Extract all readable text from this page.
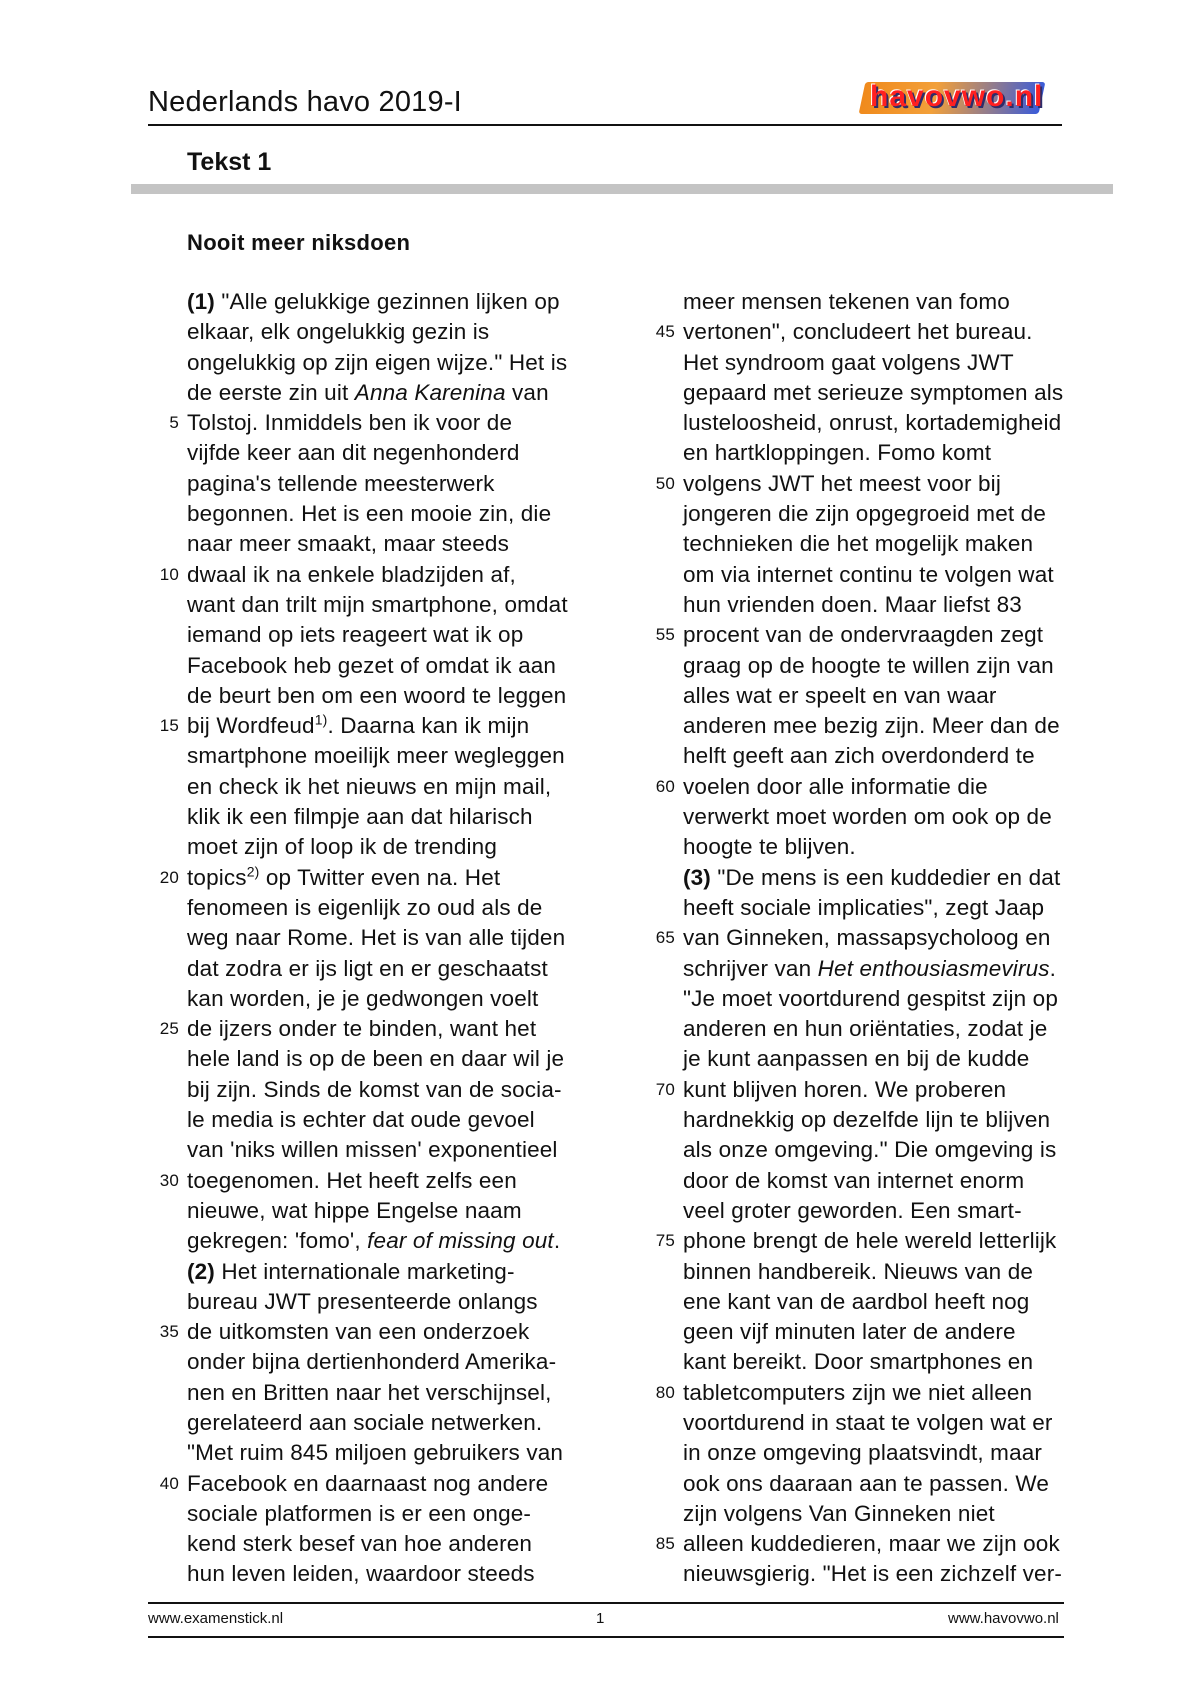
Nederlands havo 2019-I	havovwo.nl
Tekst 1
Nooit meer niksdoen
(1) "Alle gelukkige gezinnen lijken op
elkaar, elk ongelukkig gezin is
ongelukkig op zijn eigen wijze." Het is
de eerste zin uit Anna Karenina van
5 Tolstoj. Inmiddels ben ik voor de
vijfde keer aan dit negenhonderd
pagina's tellende meesterwerk
begonnen. Het is een mooie zin, die
naar meer smaakt, maar steeds
10 dwaal ik na enkele bladzijden af,
want dan trilt mijn smartphone, omdat
iemand op iets reageert wat ik op
Facebook heb gezet of omdat ik aan
de beurt ben om een woord te leggen
15 bij Wordfeud$^{1)}$. Daarna kan ik mijn
smartphone moeilijk meer wegleggen
en check ik het nieuws en mijn mail,
klik ik een filmpje aan dat hilarisch
moet zijn of loop ik de trending
20 topics$^{2)}$ op Twitter even na. Het
fenomeen is eigenlijk zo oud als de
weg naar Rome. Het is van alle tijden
dat zodra er ijs ligt en er geschaatst
kan worden, je je gedwongen voelt
25 de ijzers onder te binden, want het
hele land is op de been en daar wil je
bij zijn. Sinds de komst van de socia-
le media is echter dat oude gevoel
van 'niks willen missen' exponentieel
30 toegenomen. Het heeft zelfs een
nieuwe, wat hippe Engelse naam
gekregen: 'fomo', fear of missing out.
(2) Het internationale marketing-
bureau JWT presenteerde onlangs
35 de uitkomsten van een onderzoek
onder bijna dertienhonderd Amerika-
nen en Britten naar het verschijnsel,
gerelateerd aan sociale netwerken.
"Met ruim 845 miljoen gebruikers van
40 Facebook en daarnaast nog andere
sociale platformen is er een onge-
kend sterk besef van hoe anderen
hun leven leiden, waardoor steeds
meer mensen tekenen van fomo
45 vertonen", concludeert het bureau.
Het syndroom gaat volgens JWT
gepaard met serieuze symptomen als
lusteloosheid, onrust, kortademigheid
en hartkloppingen. Fomo komt
50 volgens JWT het meest voor bij
jongeren die zijn opgegroeid met de
technieken die het mogelijk maken
om via internet continu te volgen wat
hun vrienden doen. Maar liefst 83
55 procent van de ondervraagden zegt
graag op de hoogte te willen zijn van
alles wat er speelt en van waar
anderen mee bezig zijn. Meer dan de
helft geeft aan zich overdonderd te
60 voelen door alle informatie die
verwerkt moet worden om ook op de
hoogte te blijven.
(3) "De mens is een kuddedier en dat
heeft sociale implicaties", zegt Jaap
65 van Ginneken, massapsycholoog en
schrijver van Het enthousiasmevirus.
"Je moet voortdurend gespitst zijn op
anderen en hun oriëntaties, zodat je
je kunt aanpassen en bij de kudde
70 kunt blijven horen. We proberen
hardnekkig op dezelfde lijn te blijven
als onze omgeving." Die omgeving is
door de komst van internet enorm
veel groter geworden. Een smart-
75 phone brengt de hele wereld letterlijk
binnen handbereik. Nieuws van de
ene kant van de aardbol heeft nog
geen vijf minuten later de andere
kant bereikt. Door smartphones en
80 tabletcomputers zijn we niet alleen
voortdurend in staat te volgen wat er
in onze omgeving plaatsvindt, maar
ook ons daaraan aan te passen. We
zijn volgens Van Ginneken niet
85 alleen kuddedieren, maar we zijn ook
nieuwsgierig. "Het is een zichzelf ver-
www.examenstick.nl	1	www.havovwo.nl
